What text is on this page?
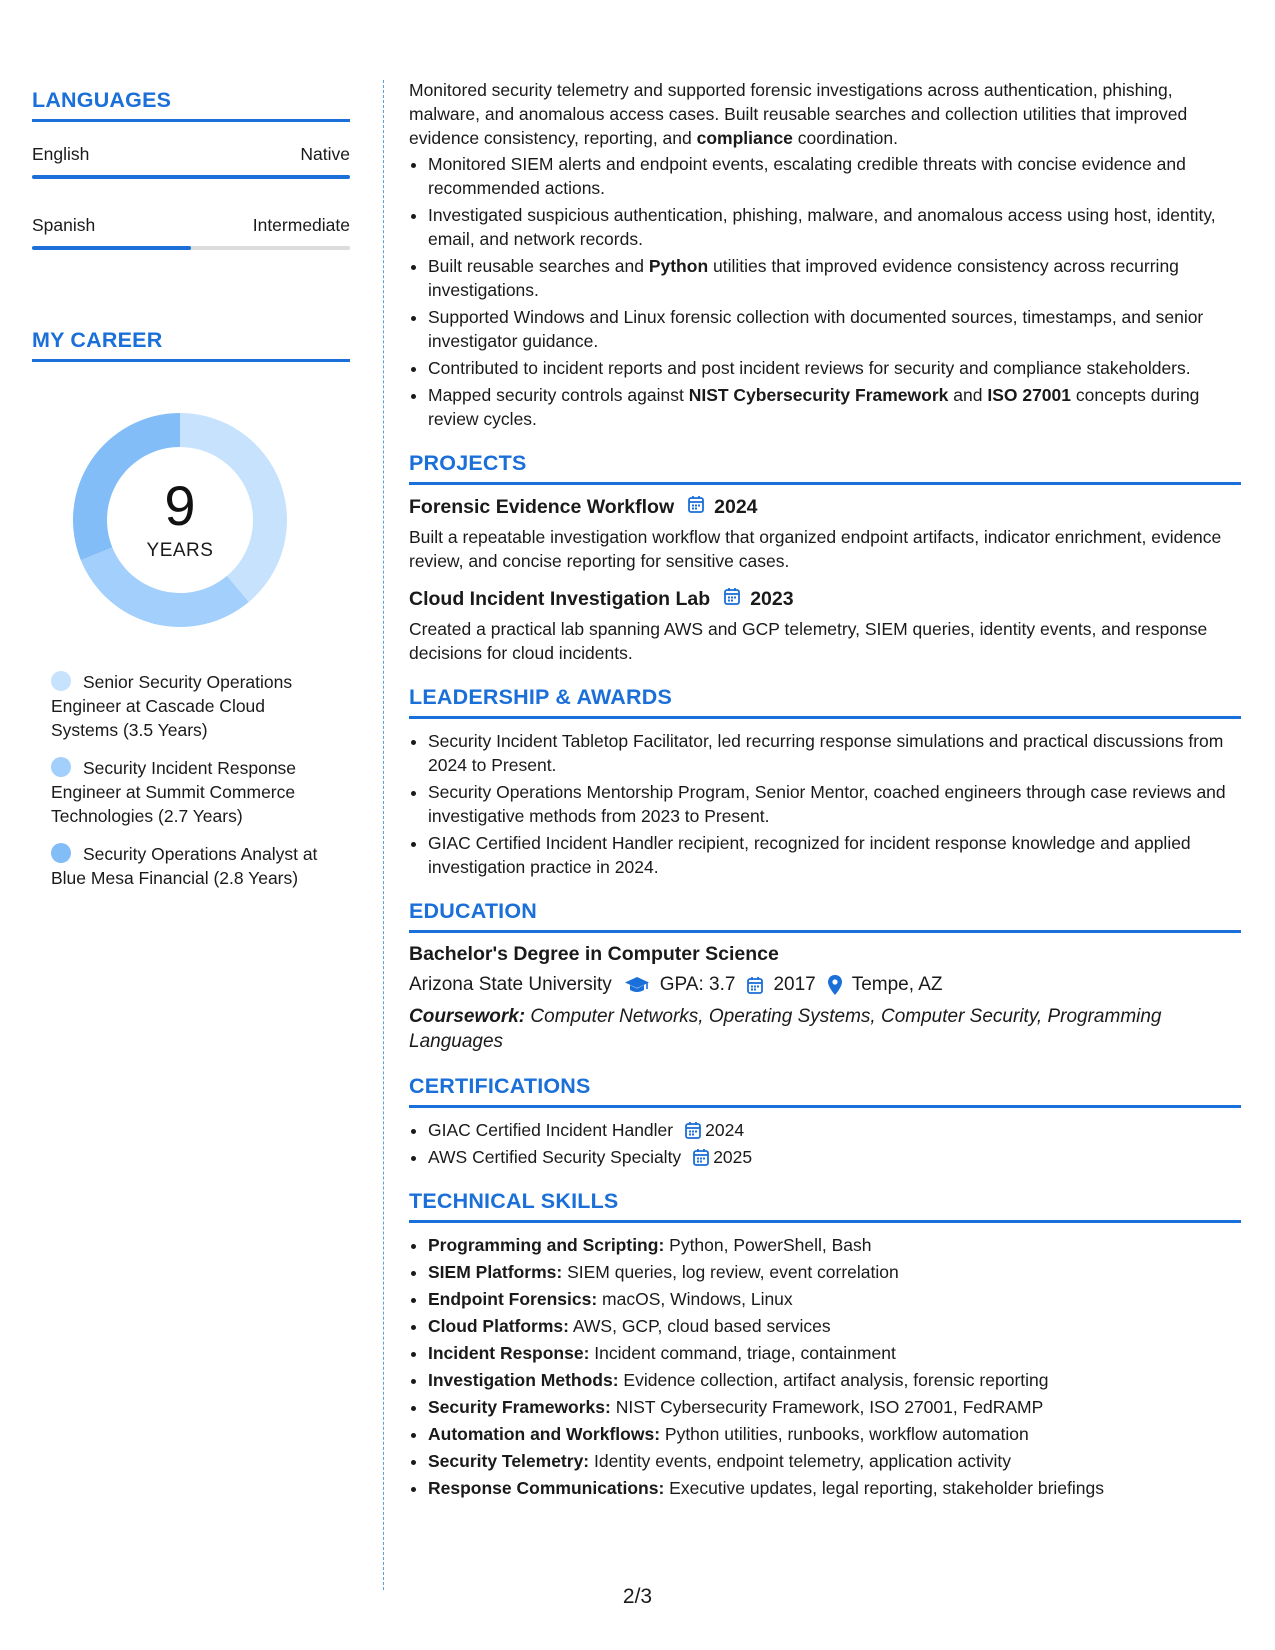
LANGUAGES
English	Native
Spanish	Intermediate
MY CAREER
9
YEARS
Senior Security Operations Engineer at Cascade Cloud Systems (3.5 Years)
Security Incident Response Engineer at Summit Commerce Technologies (2.7 Years)
Security Operations Analyst at Blue Mesa Financial (2.8 Years)

Monitored security telemetry and supported forensic investigations across authentication, phishing, malware, and anomalous access cases. Built reusable searches and collection utilities that improved evidence consistency, reporting, and compliance coordination.

• Monitored SIEM alerts and endpoint events, escalating credible threats with concise evidence and recommended actions.
• Investigated suspicious authentication, phishing, malware, and anomalous access using host, identity, email, and network records.
• Built reusable searches and Python utilities that improved evidence consistency across recurring investigations.
• Supported Windows and Linux forensic collection with documented sources, timestamps, and senior investigator guidance.
• Contributed to incident reports and post incident reviews for security and compliance stakeholders.
• Mapped security controls against NIST Cybersecurity Framework and ISO 27001 concepts during review cycles.
PROJECTS
Forensic Evidence Workflow 2024

Built a repeatable investigation workflow that organized endpoint artifacts, indicator enrichment, evidence review, and concise reporting for sensitive cases.

Cloud Incident Investigation Lab 2023

Created a practical lab spanning AWS and GCP telemetry, SIEM queries, identity events, and response decisions for cloud incidents.

LEADERSHIP & AWARDS
• Security Incident Tabletop Facilitator, led recurring response simulations and practical discussions from 2024 to Present.
• Security Operations Mentorship Program, Senior Mentor, coached engineers through case reviews and investigative methods from 2023 to Present.
• GIAC Certified Incident Handler recipient, recognized for incident response knowledge and applied investigation practice in 2024.
EDUCATION
Bachelor's Degree in Computer Science
Arizona State University	GPA: 3.7 2017 Tempe, AZ
Coursework: Computer Networks, Operating Systems, Computer Security, Programming Languages
CERTIFICATIONS
• GIAC Certified Incident Handler 2024
• AWS Certified Security Specialty 2025
TECHNICAL SKILLS
• Programming and Scripting: Python, PowerShell, Bash
• SIEM Platforms: SIEM queries, log review, event correlation
• Endpoint Forensics: macOS, Windows, Linux
• Cloud Platforms: AWS, GCP, cloud based services
• Incident Response: Incident command, triage, containment
• Investigation Methods: Evidence collection, artifact analysis, forensic reporting
• Security Frameworks: NIST Cybersecurity Framework, ISO 27001, FedRAMP
• Automation and Workflows: Python utilities, runbooks, workflow automation
• Security Telemetry: Identity events, endpoint telemetry, application activity
• Response Communications: Executive updates, legal reporting, stakeholder briefings
2/3
